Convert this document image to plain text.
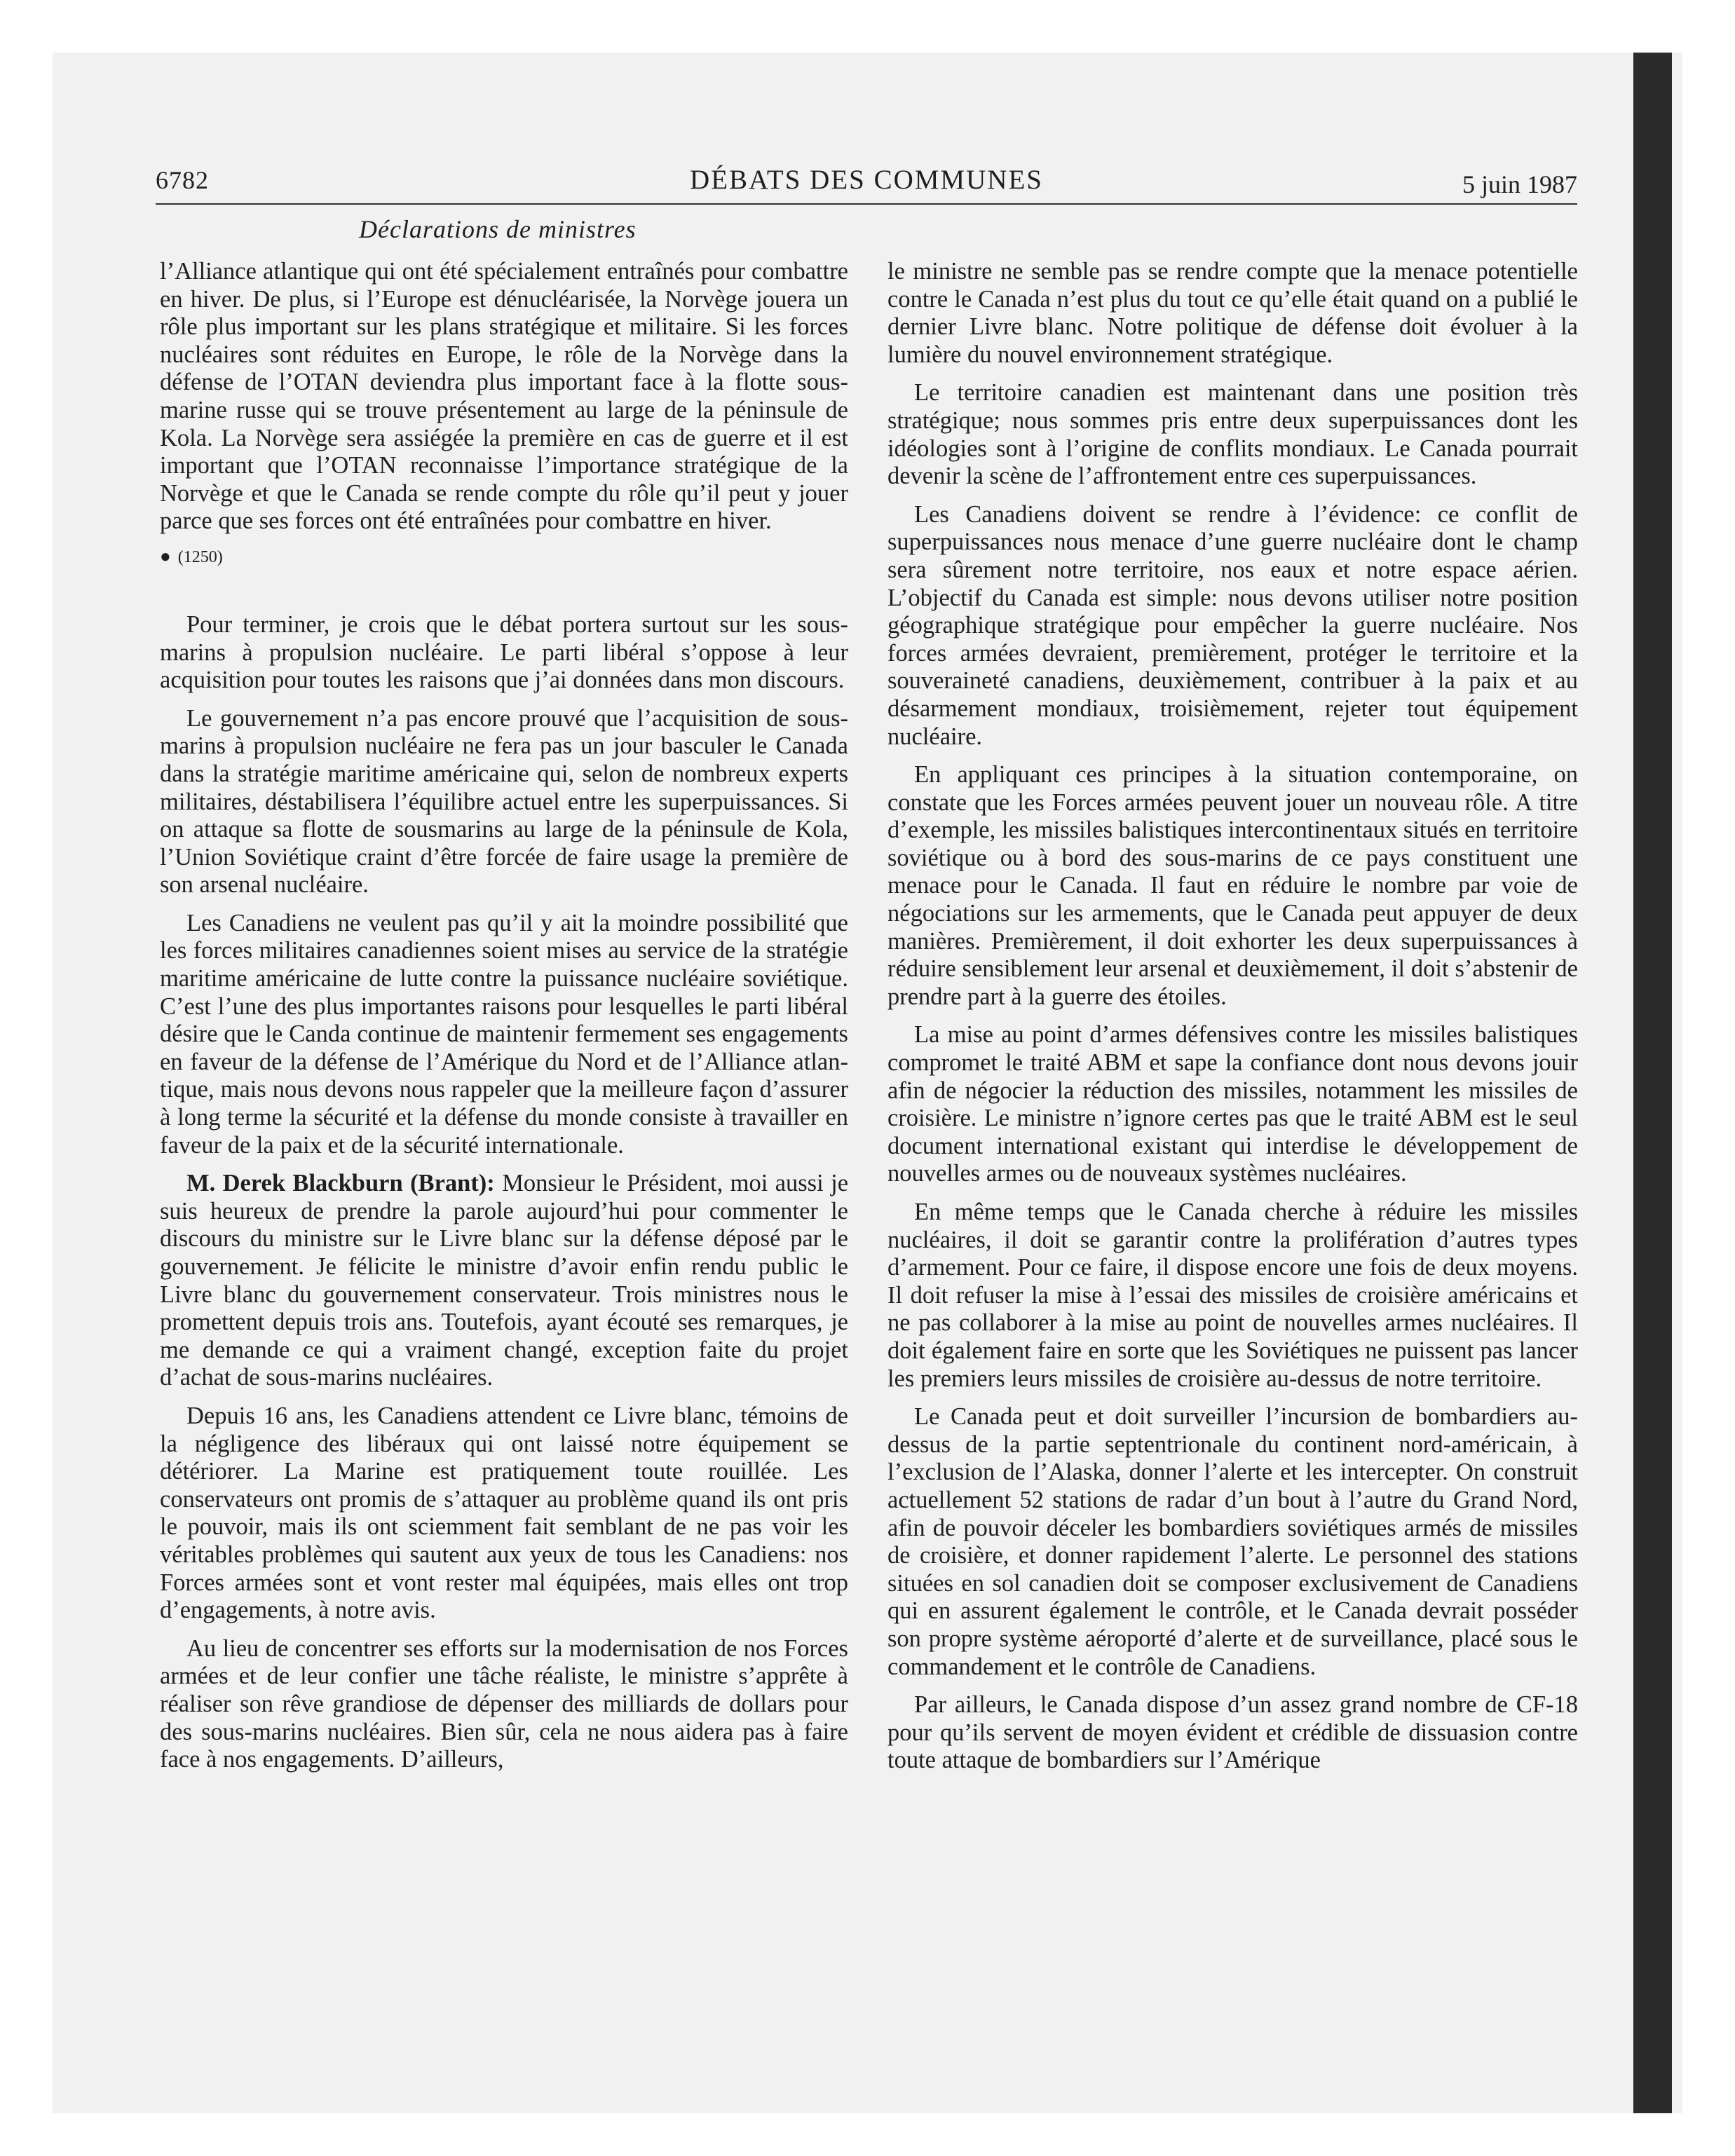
6782	DÉBATS DES COMMUNES	5 juin 1987
Déclarations de ministres

l’Alliance atlantique qui ont été spécialement entraînés pour combattre en hiver. De plus, si l’Europe est dénucléarisée, la Norvège jouera un rôle plus important sur les plans stratégique et militaire. Si les forces nucléaires sont réduites en Europe, le rôle de la Norvège dans la défense de l’OTAN deviendra plus important face à la flotte sous-marine russe qui se trouve présentement au large de la péninsule de Kola. La Norvège sera assiégée la première en cas de guerre et il est important que l’OTAN reconnaisse l’importance stratégique de la Norvège et que le Canada se rende compte du rôle qu’il peut y jouer parce que ses forces ont été entraînées pour combattre en hiver.

● (1250)

Pour terminer, je crois que le débat portera surtout sur les sous-marins à propulsion nucléaire. Le parti libéral s’oppose à leur acquisition pour toutes les raisons que j’ai données dans mon discours.

Le gouvernement n’a pas encore prouvé que l’acquisition de sous-marins à propulsion nucléaire ne fera pas un jour basculer le Canada dans la stratégie maritime américaine qui, selon de nombreux experts militaires, déstabilisera l’équilibre actuel entre les superpuissances. Si on attaque sa flotte de sousmarins au large de la péninsule de Kola, l’Union Soviétique craint d’être forcée de faire usage la première de son arsenal nucléaire.

Les Canadiens ne veulent pas qu’il y ait la moindre possibilité que les forces militaires canadiennes soient mises au service de la stratégie maritime américaine de lutte contre la puissance nucléaire soviétique. C’est l’une des plus importantes raisons pour lesquelles le parti libéral désire que le Canda continue de maintenir fermement ses engagements en faveur de la défense de l’Amérique du Nord et de l’Alliance atlantique, mais nous devons nous rappeler que la meilleure façon d’assurer à long terme la sécurité et la défense du monde consiste à travailler en faveur de la paix et de la sécurité internationale.

M. Derek Blackburn (Brant): Monsieur le Président, moi aussi je suis heureux de prendre la parole aujourd’hui pour commenter le discours du ministre sur le Livre blanc sur la défense déposé par le gouvernement. Je félicite le ministre d’avoir enfin rendu public le Livre blanc du gouvernement conservateur. Trois ministres nous le promettent depuis trois ans. Toutefois, ayant écouté ses remarques, je me demande ce qui a vraiment changé, exception faite du projet d’achat de sous-marins nucléaires.

Depuis 16 ans, les Canadiens attendent ce Livre blanc, témoins de la négligence des libéraux qui ont laissé notre équipement se détériorer. La Marine est pratiquement toute rouillée. Les conservateurs ont promis de s’attaquer au problème quand ils ont pris le pouvoir, mais ils ont sciemment fait semblant de ne pas voir les véritables problèmes qui sautent aux yeux de tous les Canadiens: nos Forces armées sont et vont rester mal équipées, mais elles ont trop d’engagements, à notre avis.

Au lieu de concentrer ses efforts sur la modernisation de nos Forces armées et de leur confier une tâche réaliste, le ministre s’apprête à réaliser son rêve grandiose de dépenser des milliards de dollars pour des sous-marins nucléaires. Bien sûr, cela ne nous aidera pas à faire face à nos engagements. D’ailleurs,

le ministre ne semble pas se rendre compte que la menace potentielle contre le Canada n’est plus du tout ce qu’elle était quand on a publié le dernier Livre blanc. Notre politique de défense doit évoluer à la lumière du nouvel environnement stratégique.

Le territoire canadien est maintenant dans une position très stratégique; nous sommes pris entre deux superpuissances dont les idéologies sont à l’origine de conflits mondiaux. Le Canada pourrait devenir la scène de l’affrontement entre ces superpuissances.

Les Canadiens doivent se rendre à l’évidence: ce conflit de superpuissances nous menace d’une guerre nucléaire dont le champ sera sûrement notre territoire, nos eaux et notre espace aérien. L’objectif du Canada est simple: nous devons utiliser notre position géographique stratégique pour empêcher la guerre nucléaire. Nos forces armées devraient, premièrement, protéger le territoire et la souveraineté canadiens, deuxièmement, contribuer à la paix et au désarmement mondiaux, troisièmement, rejeter tout équipement nucléaire.

En appliquant ces principes à la situation contemporaine, on constate que les Forces armées peuvent jouer un nouveau rôle. A titre d’exemple, les missiles balistiques intercontinentaux situés en territoire soviétique ou à bord des sous-marins de ce pays constituent une menace pour le Canada. Il faut en réduire le nombre par voie de négociations sur les armements, que le Canada peut appuyer de deux manières. Premièrement, il doit exhorter les deux superpuissances à réduire sensiblement leur arsenal et deuxièmement, il doit s’abstenir de prendre part à la guerre des étoiles.

La mise au point d’armes défensives contre les missiles balistiques compromet le traité ABM et sape la confiance dont nous devons jouir afin de négocier la réduction des missiles, notamment les missiles de croisière. Le ministre n’ignore certes pas que le traité ABM est le seul document international existant qui interdise le développement de nouvelles armes ou de nouveaux systèmes nucléaires.

En même temps que le Canada cherche à réduire les missiles nucléaires, il doit se garantir contre la prolifération d’autres types d’armement. Pour ce faire, il dispose encore une fois de deux moyens. Il doit refuser la mise à l’essai des missiles de croisière américains et ne pas collaborer à la mise au point de nouvelles armes nucléaires. Il doit également faire en sorte que les Soviétiques ne puissent pas lancer les premiers leurs missiles de croisière au-dessus de notre territoire.

Le Canada peut et doit surveiller l’incursion de bombardiers au-dessus de la partie septentrionale du continent nord-américain, à l’exclusion de l’Alaska, donner l’alerte et les intercepter. On construit actuellement 52 stations de radar d’un bout à l’autre du Grand Nord, afin de pouvoir déceler les bombardiers soviétiques armés de missiles de croisière, et donner rapidement l’alerte. Le personnel des stations situées en sol canadien doit se composer exclusivement de Canadiens qui en assurent également le contrôle, et le Canada devrait posséder son propre système aéroporté d’alerte et de surveillance, placé sous le commandement et le contrôle de Canadiens.

Par ailleurs, le Canada dispose d’un assez grand nombre de CF-18 pour qu’ils servent de moyen évident et crédible de dissuasion contre toute attaque de bombardiers sur l’Amérique
